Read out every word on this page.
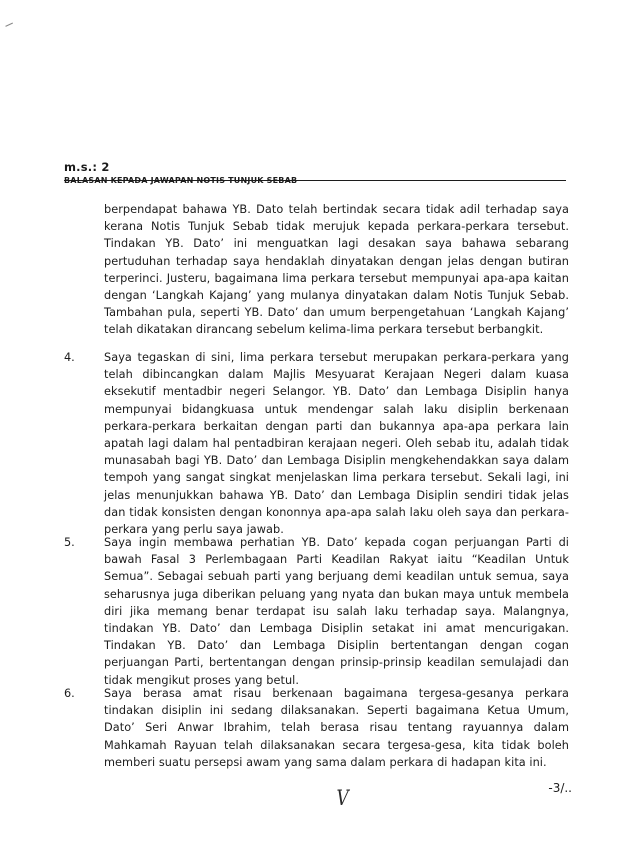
m.s.: 2
BALASAN KEPADA JAWAPAN NOTIS TUNJUK SEBAB
berpendapat bahawa YB. Dato telah bertindak secara tidak adil terhadap saya kerana Notis Tunjuk Sebab tidak merujuk kepada perkara-perkara tersebut. Tindakan YB. Dato’ ini menguatkan lagi desakan saya bahawa sebarang pertuduhan terhadap saya hendaklah dinyatakan dengan jelas dengan butiran terperinci. Justeru, bagaimana lima perkara tersebut mempunyai apa-apa kaitan dengan ‘Langkah Kajang’ yang mulanya dinyatakan dalam Notis Tunjuk Sebab. Tambahan pula, seperti YB. Dato’ dan umum berpengetahuan ‘Langkah Kajang’ telah dikatakan dirancang sebelum kelima-lima perkara tersebut berbangkit.
4.	Saya tegaskan di sini, lima perkara tersebut merupakan perkara-perkara yang telah dibincangkan dalam Majlis Mesyuarat Kerajaan Negeri dalam kuasa eksekutif mentadbir negeri Selangor. YB. Dato’ dan Lembaga Disiplin hanya mempunyai bidangkuasa untuk mendengar salah laku disiplin berkenaan perkara-perkara berkaitan dengan parti dan bukannya apa-apa perkara lain apatah lagi dalam hal pentadbiran kerajaan negeri. Oleh sebab itu, adalah tidak munasabah bagi YB. Dato’ dan Lembaga Disiplin mengkehendakkan saya dalam tempoh yang sangat singkat menjelaskan lima perkara tersebut. Sekali lagi, ini jelas menunjukkan bahawa YB. Dato’ dan Lembaga Disiplin sendiri tidak jelas dan tidak konsisten dengan kononnya apa-apa salah laku oleh saya dan perkara-perkara yang perlu saya jawab.
5.	Saya ingin membawa perhatian YB. Dato’ kepada cogan perjuangan Parti di bawah Fasal 3 Perlembagaan Parti Keadilan Rakyat iaitu “Keadilan Untuk Semua”. Sebagai sebuah parti yang berjuang demi keadilan untuk semua, saya seharusnya juga diberikan peluang yang nyata dan bukan maya untuk membela diri jika memang benar terdapat isu salah laku terhadap saya. Malangnya, tindakan YB. Dato’ dan Lembaga Disiplin setakat ini amat mencurigakan. Tindakan YB. Dato’ dan Lembaga Disiplin bertentangan dengan cogan perjuangan Parti, bertentangan dengan prinsip-prinsip keadilan semulajadi dan tidak mengikut proses yang betul.
6.	Saya berasa amat risau berkenaan bagaimana tergesa-gesanya perkara tindakan disiplin ini sedang dilaksanakan. Seperti bagaimana Ketua Umum, Dato’ Seri Anwar Ibrahim, telah berasa risau tentang rayuannya dalam Mahkamah Rayuan telah dilaksanakan secara tergesa-gesa, kita tidak boleh memberi suatu persepsi awam yang sama dalam perkara di hadapan kita ini.
-3/..
V
